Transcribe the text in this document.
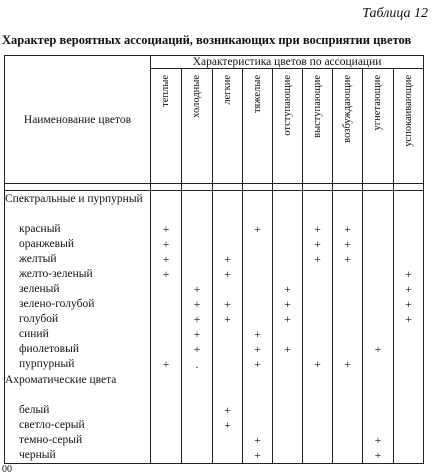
Таблица 12
Характер вероятных ассоциаций, возникающих при восприятии цветов
Наименование цветов	Характеристика цветов по ассоциации								

	теплые	холодные	легкие	тяжелые	отступающие	выступающие	возбуждающие	угнетающие	успокаивающие

Спектральные и пурпурный									
красный	+			+		+	+		
оранжевый	+					+	+		
желтый	+		+			+	+		
желто-зеленый	+		+						+
зеленый		+			+				+
зелено-голубой		+	+		+				+
голубой		+	+		+				+
синий		+		+					
фиолетовый		+		+	+			+	
пурпурный	+	.		+		+	+		
Ахроматические цвета									
белый			+						
светло-серый			+						
темно-серый				+				+	
черный				+				+	
00
